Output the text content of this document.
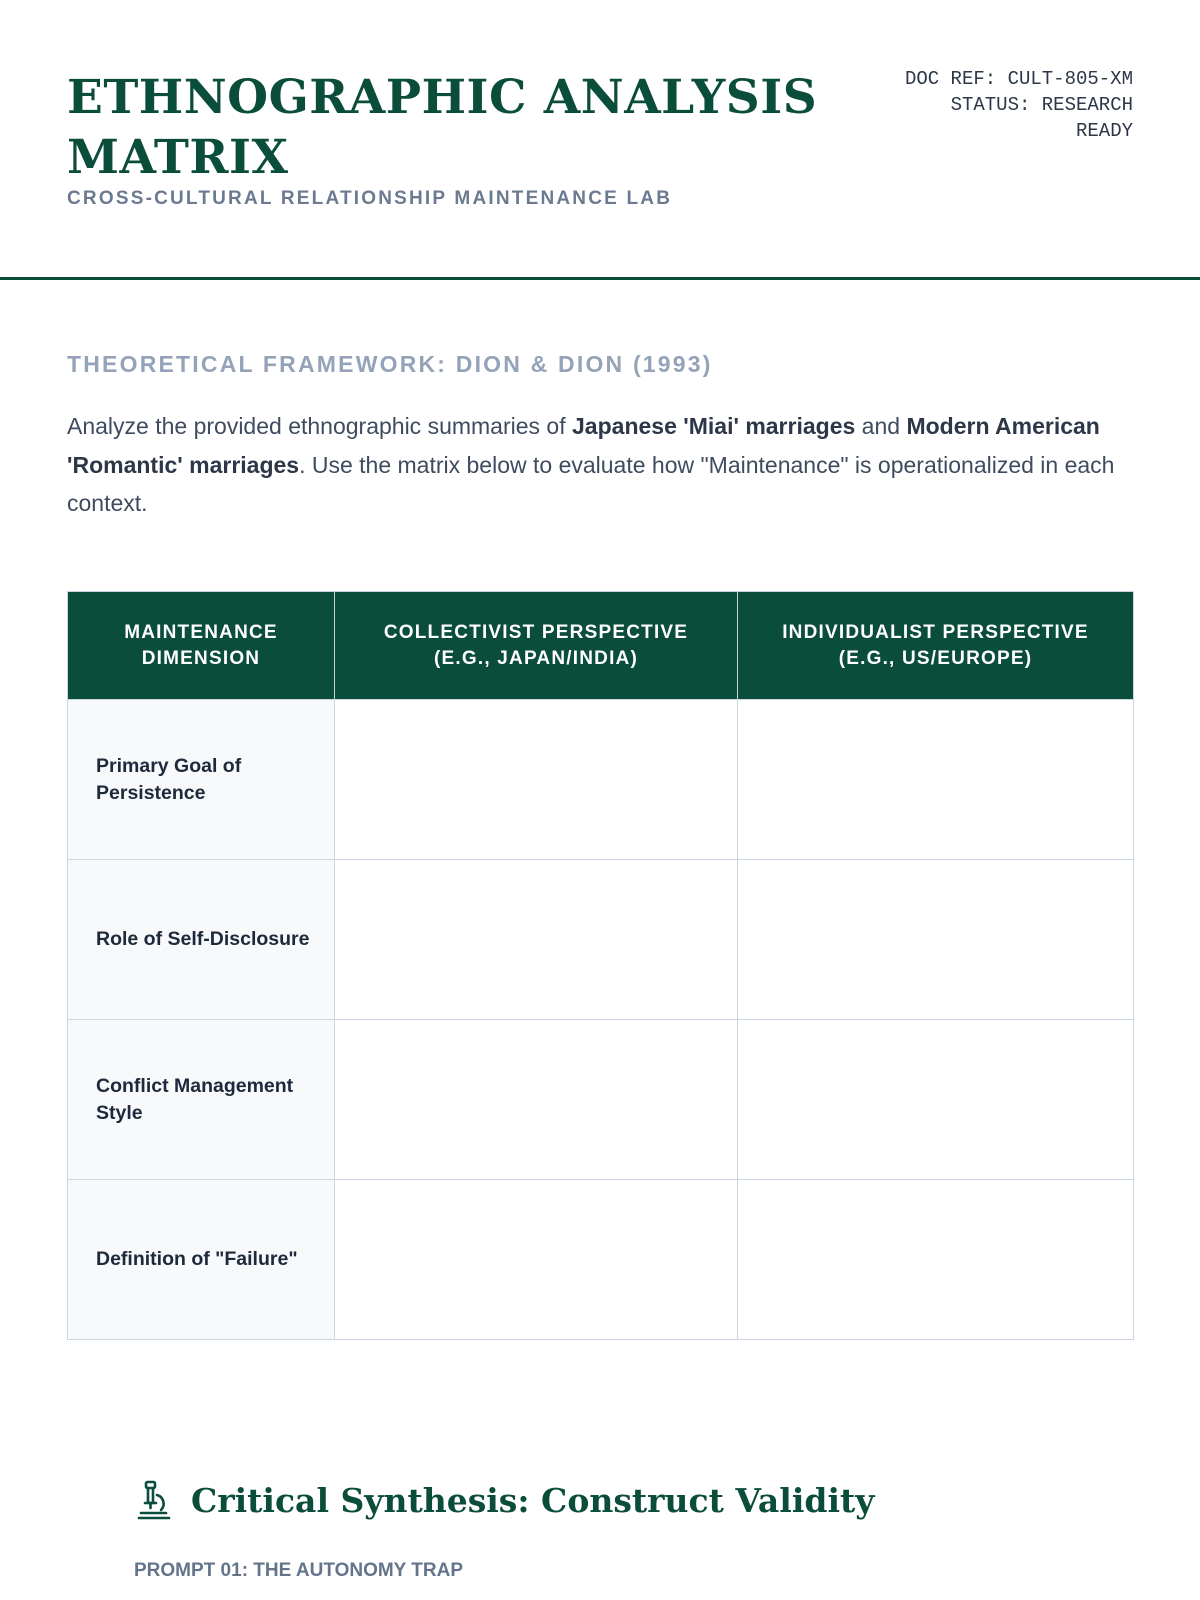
ETHNOGRAPHIC ANALYSIS MATRIX

CROSS-CULTURAL RELATIONSHIP MAINTENANCE LAB

DOC REF: CULT-805-XM
STATUS: RESEARCH
READY
THEORETICAL FRAMEWORK: DION & DION (1993)

Analyze the provided ethnographic summaries of Japanese 'Miai' marriages and Modern American 'Romantic' marriages. Use the matrix below to evaluate how "Maintenance" is operationalized in each context.

MAINTENANCE DIMENSION	COLLECTIVIST PERSPECTIVE (E.G., JAPAN/INDIA)	INDIVIDUALIST PERSPECTIVE (E.G., US/EUROPE)
Primary Goal of Persistence		
Role of Self-Disclosure		
Conflict Management Style		
Definition of "Failure"		
Critical Synthesis: Construct Validity

PROMPT 01: THE AUTONOMY TRAP
